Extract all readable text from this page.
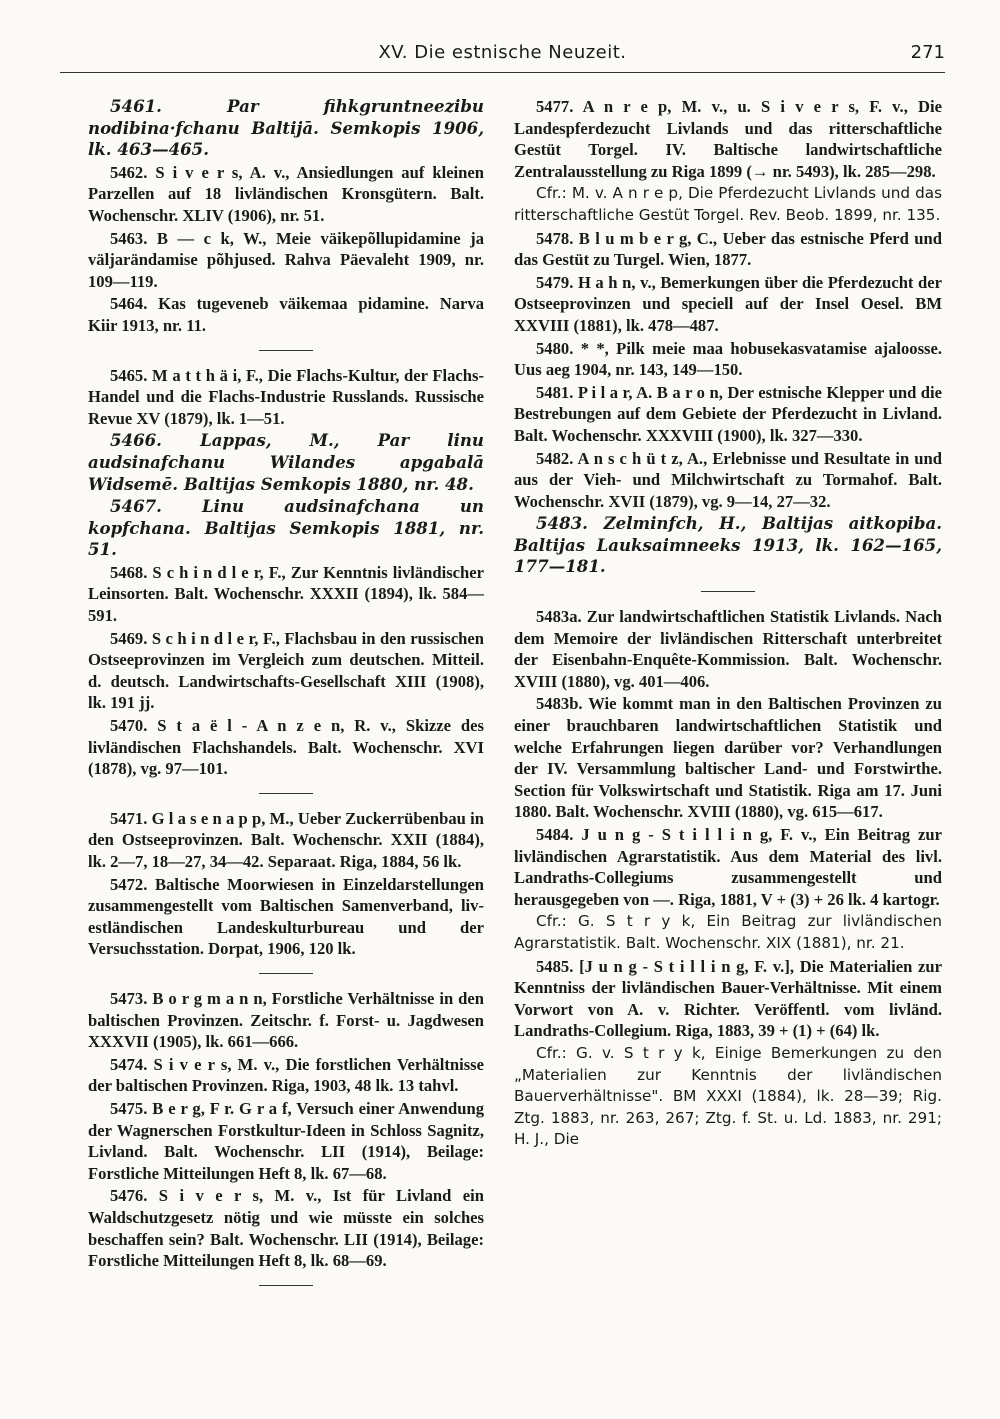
XV. Die estnische Neuzeit.	271

5461.	Par fihkgruntneezibu nodibina·fchanu Baltijā. Semkopis 1906, lk. 463—465.

5462. S i v e r s, A. v., Ansiedlungen auf kleinen Parzellen auf 18 livländischen Kronsgütern. Balt. Wochenschr. XLIV (1906), nr. 51.

5463. B — c k, W., Meie väikepõllupidamine ja väljarändamise põhjused. Rahva Päevaleht 1909, nr. 109—119.

5464. Kas tugeveneb väikemaa pidamine. Narva Kiir 1913, nr. 11.

5465. M a t t h ä i, F., Die Flachs-Kultur, der Flachs-Handel und die Flachs-Industrie Russlands. Russische Revue XV (1879), lk. 1—51.

5466. Lappas, M., Par linu audsinafchanu Wilandes apgabalā Widsemē. Baltijas Semkopis 1880, nr. 48.

5467. Linu audsinafchana un kopfchana. Baltijas Semkopis 1881, nr. 51.

5468. S c h i n d l e r, F., Zur Kenntnis livländischer Leinsorten. Balt. Wochenschr. XXXII (1894), lk. 584—591.

5469. S c h i n d l e r, F., Flachsbau in den russischen Ostseeprovinzen im Vergleich zum deutschen. Mitteil. d. deutsch. Landwirtschafts-Gesellschaft XIII (1908), lk. 191 jj.

5470. S t a ë l - A n z e n, R. v., Skizze des livländischen Flachshandels. Balt. Wochenschr. XVI (1878), vg. 97—101.

5471. G l a s e n a p p, M., Ueber Zuckerrübenbau in den Ostseeprovinzen. Balt. Wochenschr. XXII (1884), lk. 2—7, 18—27, 34—42. Separaat. Riga, 1884, 56 lk.

5472. Baltische Moorwiesen in Einzeldarstellungen zusammengestellt vom Baltischen Samenverband, liv-estländischen Landeskulturbureau und der Versuchsstation. Dorpat, 1906, 120 lk.

5473. B o r g m a n n, Forstliche Verhältnisse in den baltischen Provinzen. Zeitschr. f. Forst- u. Jagdwesen XXXVII (1905), lk. 661—666.

5474. S i v e r s, M. v., Die forstlichen Verhältnisse der baltischen Provinzen. Riga, 1903, 48 lk. 13 tahvl.

5475. B e r g, F r. G r a f, Versuch einer Anwendung der Wagnerschen Forstkultur-Ideen in Schloss Sagnitz, Livland. Balt. Wochenschr. LII (1914), Beilage: Forstliche Mitteilungen Heft 8, lk. 67—68.

5476. S i v e r s, M. v., Ist für Livland ein Waldschutzgesetz nötig und wie müsste ein solches beschaffen sein? Balt. Wochenschr. LII (1914), Beilage: Forstliche Mitteilungen Heft 8, lk. 68—69.

5477. A n r e p, M. v., u. S i v e r s, F. v., Die Landespferdezucht Livlands und das ritterschaftliche Gestüt Torgel. IV. Baltische landwirtschaftliche Zentralausstellung zu Riga 1899 (→ nr. 5493), lk. 285—298.

Cfr.: M. v. A n r e p, Die Pferdezucht Livlands und das ritterschaftliche Gestüt Torgel. Rev. Beob. 1899, nr. 135.

5478. B l u m b e r g, C., Ueber das estnische Pferd und das Gestüt zu Turgel. Wien, 1877.

5479. H a h n, v., Bemerkungen über die Pferdezucht der Ostseeprovinzen und speciell auf der Insel Oesel. BM XXVIII (1881), lk. 478—487.

5480. * *, Pilk meie maa hobusekasvatamise ajaloosse. Uus aeg 1904, nr. 143, 149—150.

5481. P i l a r, A. B a r o n, Der estnische Klepper und die Bestrebungen auf dem Gebiete der Pferdezucht in Livland. Balt. Wochenschr. XXXVIII (1900), lk. 327—330.

5482. A n s c h ü t z, A., Erlebnisse und Resultate in und aus der Vieh- und Milchwirtschaft zu Tormahof. Balt. Wochenschr. XVII (1879), vg. 9—14, 27—32.

5483. Zelminfch, H., Baltijas aitkopiba. Baltijas Lauksaimneeks 1913, lk. 162—165, 177—181.

5483a. Zur landwirtschaftlichen Statistik Livlands. Nach dem Memoire der livländischen Ritterschaft unterbreitet der Eisenbahn-Enquête-Kommission. Balt. Wochenschr. XVIII (1880), vg. 401—406.

5483b. Wie kommt man in den Baltischen Provinzen zu einer brauchbaren landwirtschaftlichen Statistik und welche Erfahrungen liegen darüber vor? Verhandlungen der IV. Versammlung baltischer Land- und Forstwirthe. Section für Volkswirtschaft und Statistik. Riga am 17. Juni 1880. Balt. Wochenschr. XVIII (1880), vg. 615—617.

5484. J u n g - S t i l l i n g, F. v., Ein Beitrag zur livländischen Agrarstatistik. Aus dem Material des livl. Landraths-Collegiums zusammengestellt und herausgegeben von —. Riga, 1881, V + (3) + 26 lk. 4 kartogr.

Cfr.: G. S t r y k, Ein Beitrag zur livländischen Agrarstatistik. Balt. Wochenschr. XIX (1881), nr. 21.

5485. [J u n g - S t i l l i n g, F. v.], Die Materialien zur Kenntniss der livländischen Bauer-Verhältnisse. Mit einem Vorwort von A. v. Richter. Veröffentl. vom livländ. Landraths-Collegium. Riga, 1883, 39 + (1) + (64) lk.

Cfr.: G. v. S t r y k, Einige Bemerkungen zu den „Materialien zur Kenntnis der livländischen Bauerverhältnisse". BM XXXI (1884), lk. 28—39; Rig. Ztg. 1883, nr. 263, 267; Ztg. f. St. u. Ld. 1883, nr. 291; H. J., Die
